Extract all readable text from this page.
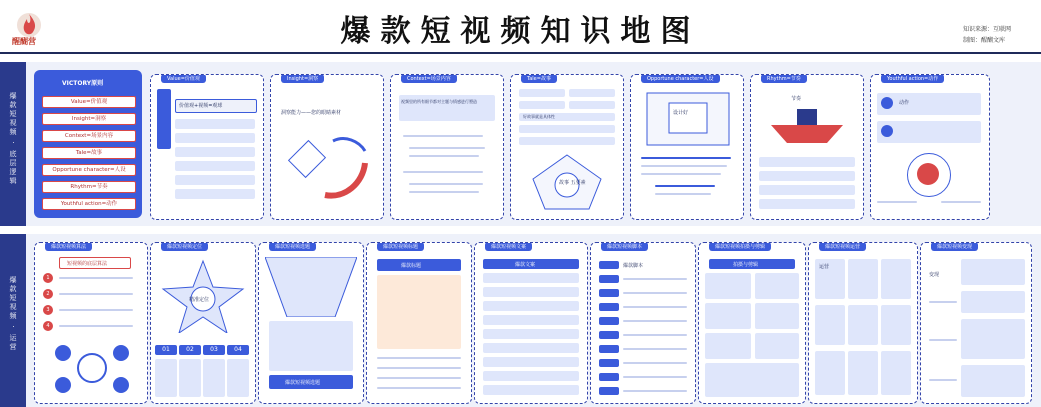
醒醐营	爆款短视频知识地图	知识来源：互联网
制图：醒醐文库
爆款短视频 · 底层逻辑
爆款短视频 · 运营
VICTORY原则
Value=价值观
Insight=洞察
Context=场景内容
Tale=故事
Opportune character=人设
Rhythm=节奏
Youthful action=动作
Value=价值观
价值观+视频=观球
Insight=洞察
洞察能力——您的眼睛素材
Context=场景内容
视频里的所有细节都对主题与情感进行塑造
Tale=故事
好故事就是具体性
故事 五要素
Opportune character=人设
设计好
Rhythm=节奏
节奏
Youthful action=动作
动作
爆款短视频算法
短视频的底层算法
1
2
3
4
爆款短视频定位
精准定位
01	02	03	04
爆款短视频选题
爆款短视频选题
爆款短视频标题
爆款标题
爆款短视频文案
爆款文案
爆款短视频脚本
爆款脚本
爆款短视频拍摄与剪辑
拍摄与剪辑
爆款短视频运营
运营
爆款短视频变现
变现
